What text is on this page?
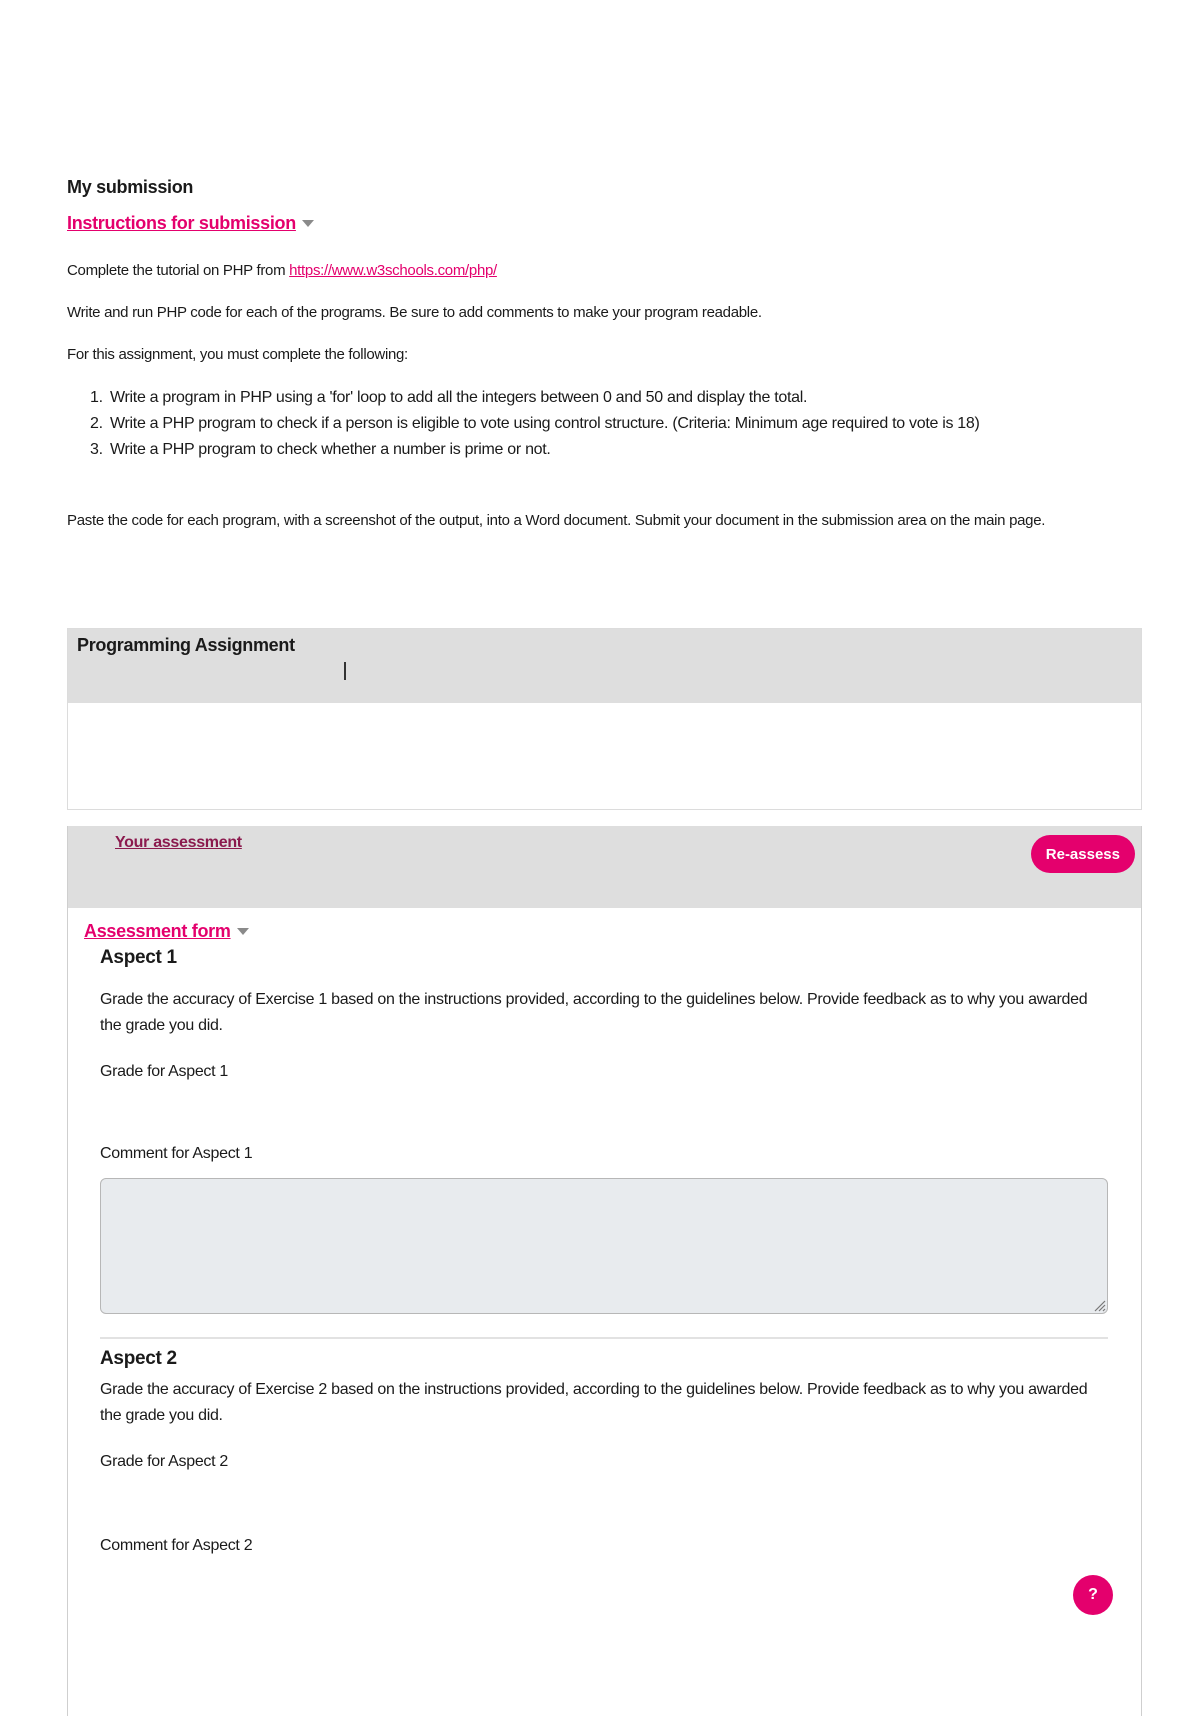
My submission
Instructions for submission

Complete the tutorial on PHP from https://www.w3schools.com/php/

Write and run PHP code for each of the programs. Be sure to add comments to make your program readable.

For this assignment, you must complete the following:

1. Write a program in PHP using a 'for' loop to add all the integers between 0 and 50 and display the total.
2. Write a PHP program to check if a person is eligible to vote using control structure. (Criteria: Minimum age required to vote is 18)
3. Write a PHP program to check whether a number is prime or not.

Paste the code for each program, with a screenshot of the output, into a Word document. Submit your document in the submission area on the main page.

Programming Assignment
Your assessment
Re-assess
Assessment form
Aspect 1

Grade the accuracy of Exercise 1 based on the instructions provided, according to the guidelines below. Provide feedback as to why you awarded the grade you did.

Grade for Aspect 1

Comment for Aspect 1

Aspect 2

Grade the accuracy of Exercise 2 based on the instructions provided, according to the guidelines below. Provide feedback as to why you awarded the grade you did.

Grade for Aspect 2

Comment for Aspect 2

?
